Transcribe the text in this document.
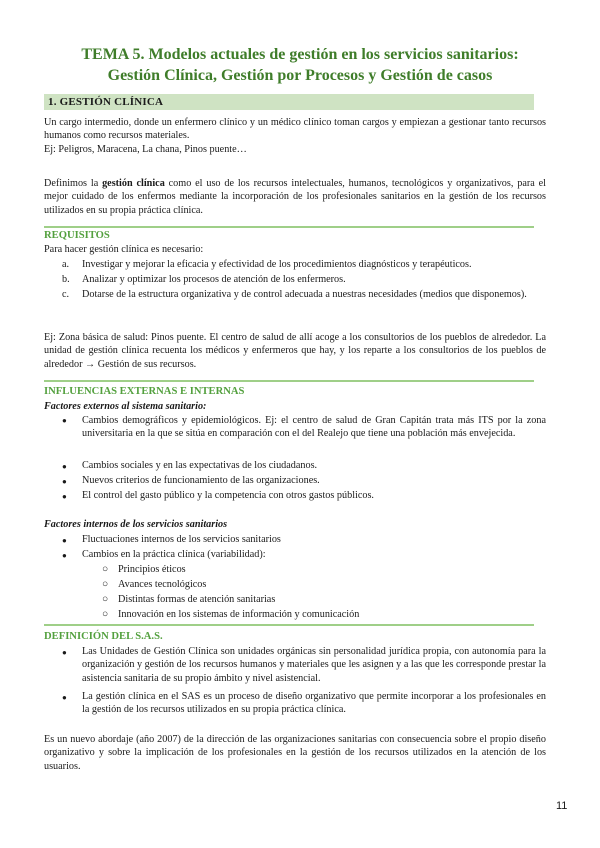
TEMA 5. Modelos actuales de gestión en los servicios sanitarios:
Gestión Clínica, Gestión por Procesos y Gestión de casos
1. GESTIÓN CLÍNICA

Un cargo intermedio, donde un enfermero clínico y un médico clínico toman cargos y empiezan a gestionar tanto recursos humanos como recursos materiales.

Ej: Peligros, Maracena, La chana, Pinos puente…

Definimos la gestión clínica como el uso de los recursos intelectuales, humanos, tecnológicos y organizativos, para el mejor cuidado de los enfermos mediante la incorporación de los profesionales sanitarios en la gestión de los recursos utilizados en su propia práctica clínica.

REQUISITOS

Para hacer gestión clínica es necesario:

a. Investigar y mejorar la eficacia y efectividad de los procedimientos diagnósticos y terapéuticos.

b. Analizar y optimizar los procesos de atención de los enfermeros.

c. Dotarse de la estructura organizativa y de control adecuada a nuestras necesidades (medios que disponemos).

Ej: Zona básica de salud: Pinos puente. El centro de salud de allí acoge a los consultorios de los pueblos de alrededor. La unidad de gestión clínica recuenta los médicos y enfermeros que hay, y los reparte a los consultorios de los pueblos de alrededor → Gestión de sus recursos.

INFLUENCIAS EXTERNAS E INTERNAS
Factores externos al sistema sanitario:
● Cambios demográficos y epidemiológicos. Ej: el centro de salud de Gran Capitán trata más ITS por la zona universitaria en la que se sitúa en comparación con el del Realejo que tiene una población más envejecida.

● Cambios sociales y en las expectativas de los ciudadanos.

● Nuevos criterios de funcionamiento de las organizaciones.

● El control del gasto público y la competencia con otros gastos públicos.

Factores internos de los servicios sanitarios
● Fluctuaciones internos de los servicios sanitarios

● Cambios en la práctica clínica (variabilidad):

○ Principios éticos

○ Avances tecnológicos

○ Distintas formas de atención sanitarias

○ Innovación en los sistemas de información y comunicación

DEFINICIÓN DEL S.A.S.
● Las Unidades de Gestión Clínica son unidades orgánicas sin personalidad jurídica propia, con autonomía para la organización y gestión de los recursos humanos y materiales que les asignen y a las que les corresponde prestar la asistencia sanitaria de su propio ámbito y nivel asistencial.

● La gestión clínica en el SAS es un proceso de diseño organizativo que permite incorporar a los profesionales en la gestión de los recursos utilizados en su propia práctica clínica.

Es un nuevo abordaje (año 2007) de la dirección de las organizaciones sanitarias con consecuencia sobre el propio diseño organizativo y sobre la implicación de los profesionales en la gestión de los recursos utilizados en la atención de los usuarios.

11
